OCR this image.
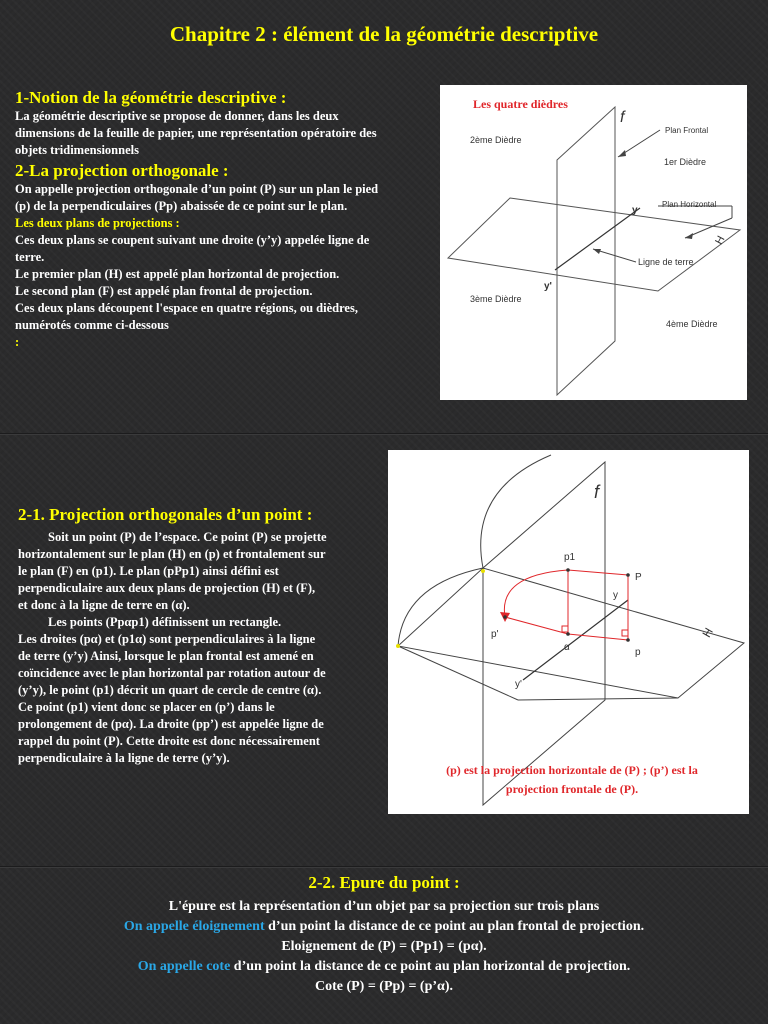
Chapitre 2 : élément de la géométrie descriptive
1-Notion de la géométrie descriptive :
La géométrie descriptive se propose de donner, dans les deux
dimensions de la feuille de papier, une représentation opératoire des
objets tridimensionnels
2-La projection orthogonale :
On appelle projection orthogonale d’un point (P) sur un plan le pied
(p) de la perpendiculaires (Pp) abaissée de ce point sur le plan.
Les deux plans de projections :
Ces deux plans se coupent suivant une droite (y’y) appelée ligne de
terre.
Le premier plan (H) est appelé plan horizontal de projection.
Le second plan (F) est appelé plan frontal de projection.
Ces deux plans découpent l'espace en quatre régions, ou dièdres,
numérotés comme ci-dessous
:
Les quatre dièdres
f
Plan Frontal
2ème Dièdre
1er Dièdre
Plan Horizontal
y
H
Ligne de terre
y'
3ème Dièdre
4ème Dièdre
2-1. Projection orthogonales d’un point :
Soit un point (P) de l’espace. Ce point (P) se projette
horizontalement sur le plan (H) en (p) et frontalement sur
le plan (F) en (p1). Le plan (pPp1) ainsi défini est
perpendiculaire aux deux plans de projection (H) et (F),
et donc à la ligne de terre en (α).
Les points (Ppαp1) définissent un rectangle.
Les droites (pα) et (p1α) sont perpendiculaires à la ligne
de terre (y’y) Ainsi, lorsque le plan frontal est amené en
coïncidence avec le plan horizontal par rotation autour de
(y’y), le point (p1) décrit un quart de cercle de centre (α).
Ce point (p1) vient donc se placer en (p’) dans le
prolongement de (pα). La droite (pp’) est appelée ligne de
rappel du point (P). Cette droite est donc nécessairement
perpendiculaire à la ligne de terre (y’y).
f
p1
P
y
p'
α	p
y'
H
(p) est la projection horizontale de (P) ; (p’) est la
projection frontale de (P).
2-2. Epure du point :
L'épure est la représentation d’un objet par sa projection sur trois plans
On appelle éloignement d’un point la distance de ce point au plan frontal de projection.
Eloignement de (P) = (Pp1) = (pα).
On appelle cote d’un point la distance de ce point au plan horizontal de projection.
Cote (P) = (Pp) = (p’α).
